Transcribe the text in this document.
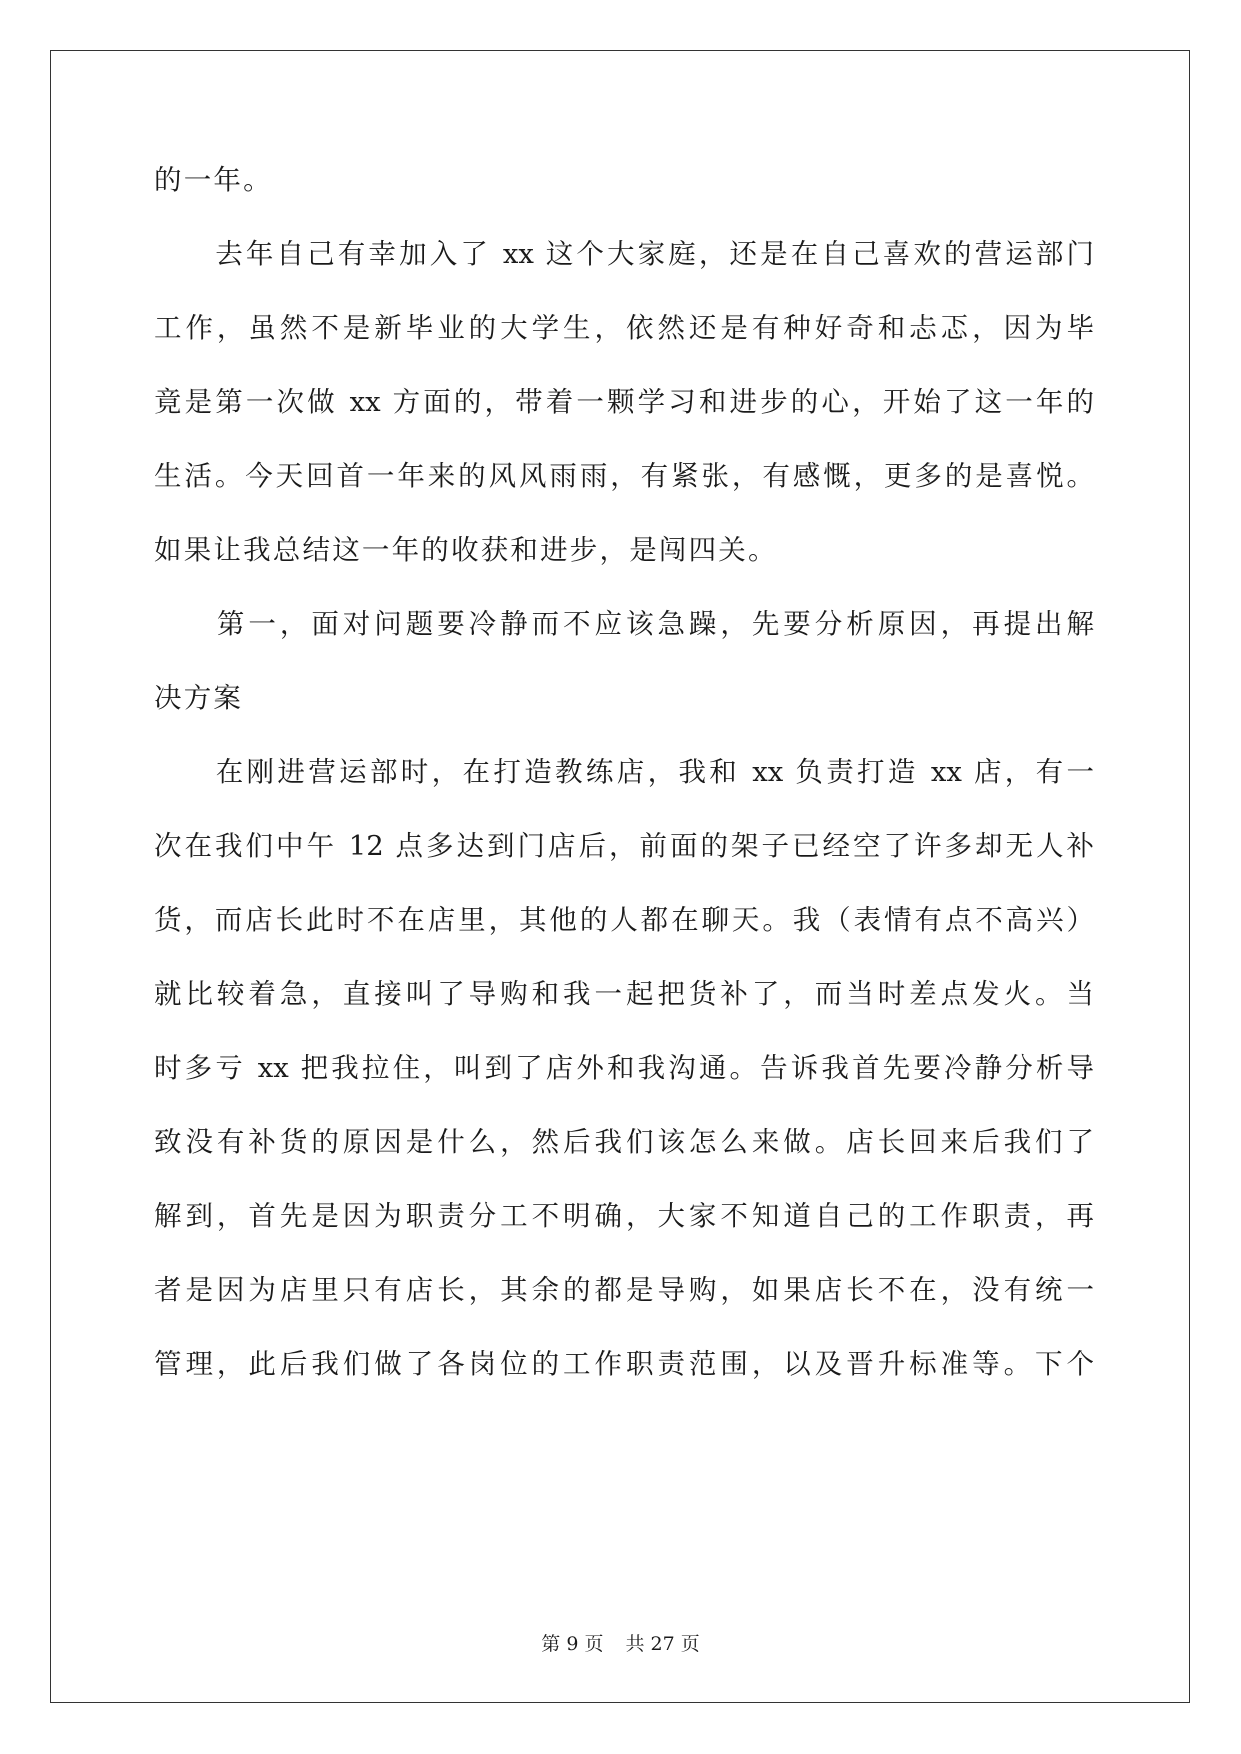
的一年。
　　去年自己有幸加入了 xx 这个大家庭，还是在自己喜欢的营运部门
工作，虽然不是新毕业的大学生，依然还是有种好奇和忐忑，因为毕
竟是第一次做 xx 方面的，带着一颗学习和进步的心，开始了这一年的
生活。今天回首一年来的风风雨雨，有紧张，有感慨，更多的是喜悦。
如果让我总结这一年的收获和进步，是闯四关。
　　第一，面对问题要冷静而不应该急躁，先要分析原因，再提出解
决方案
　　在刚进营运部时，在打造教练店，我和 xx 负责打造 xx 店，有一
次在我们中午 12 点多达到门店后，前面的架子已经空了许多却无人补
货，而店长此时不在店里，其他的人都在聊天。我（表情有点不高兴）
就比较着急，直接叫了导购和我一起把货补了，而当时差点发火。当
时多亏 xx 把我拉住，叫到了店外和我沟通。告诉我首先要冷静分析导
致没有补货的原因是什么，然后我们该怎么来做。店长回来后我们了
解到，首先是因为职责分工不明确，大家不知道自己的工作职责，再
者是因为店里只有店长，其余的都是导购，如果店长不在，没有统一
管理，此后我们做了各岗位的工作职责范围，以及晋升标准等。下个
第 9 页 共 27 页
